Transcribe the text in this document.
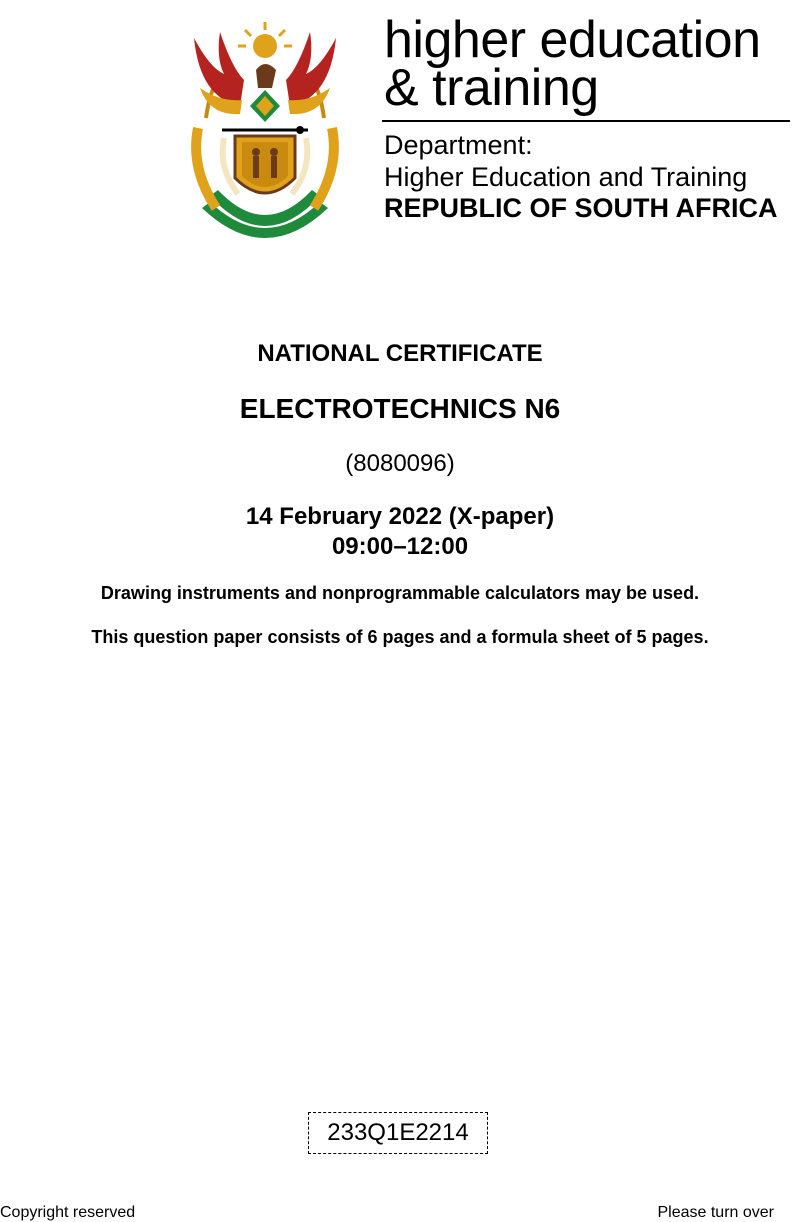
higher education
& training
Department:
Higher Education and Training
REPUBLIC OF SOUTH AFRICA
NATIONAL CERTIFICATE
ELECTROTECHNICS N6
(8080096)
14 February 2022 (X-paper)
09:00–12:00
Drawing instruments and nonprogrammable calculators may be used.
This question paper consists of 6 pages and a formula sheet of 5 pages.
233Q1E2214
Copyright reserved	Please turn over
